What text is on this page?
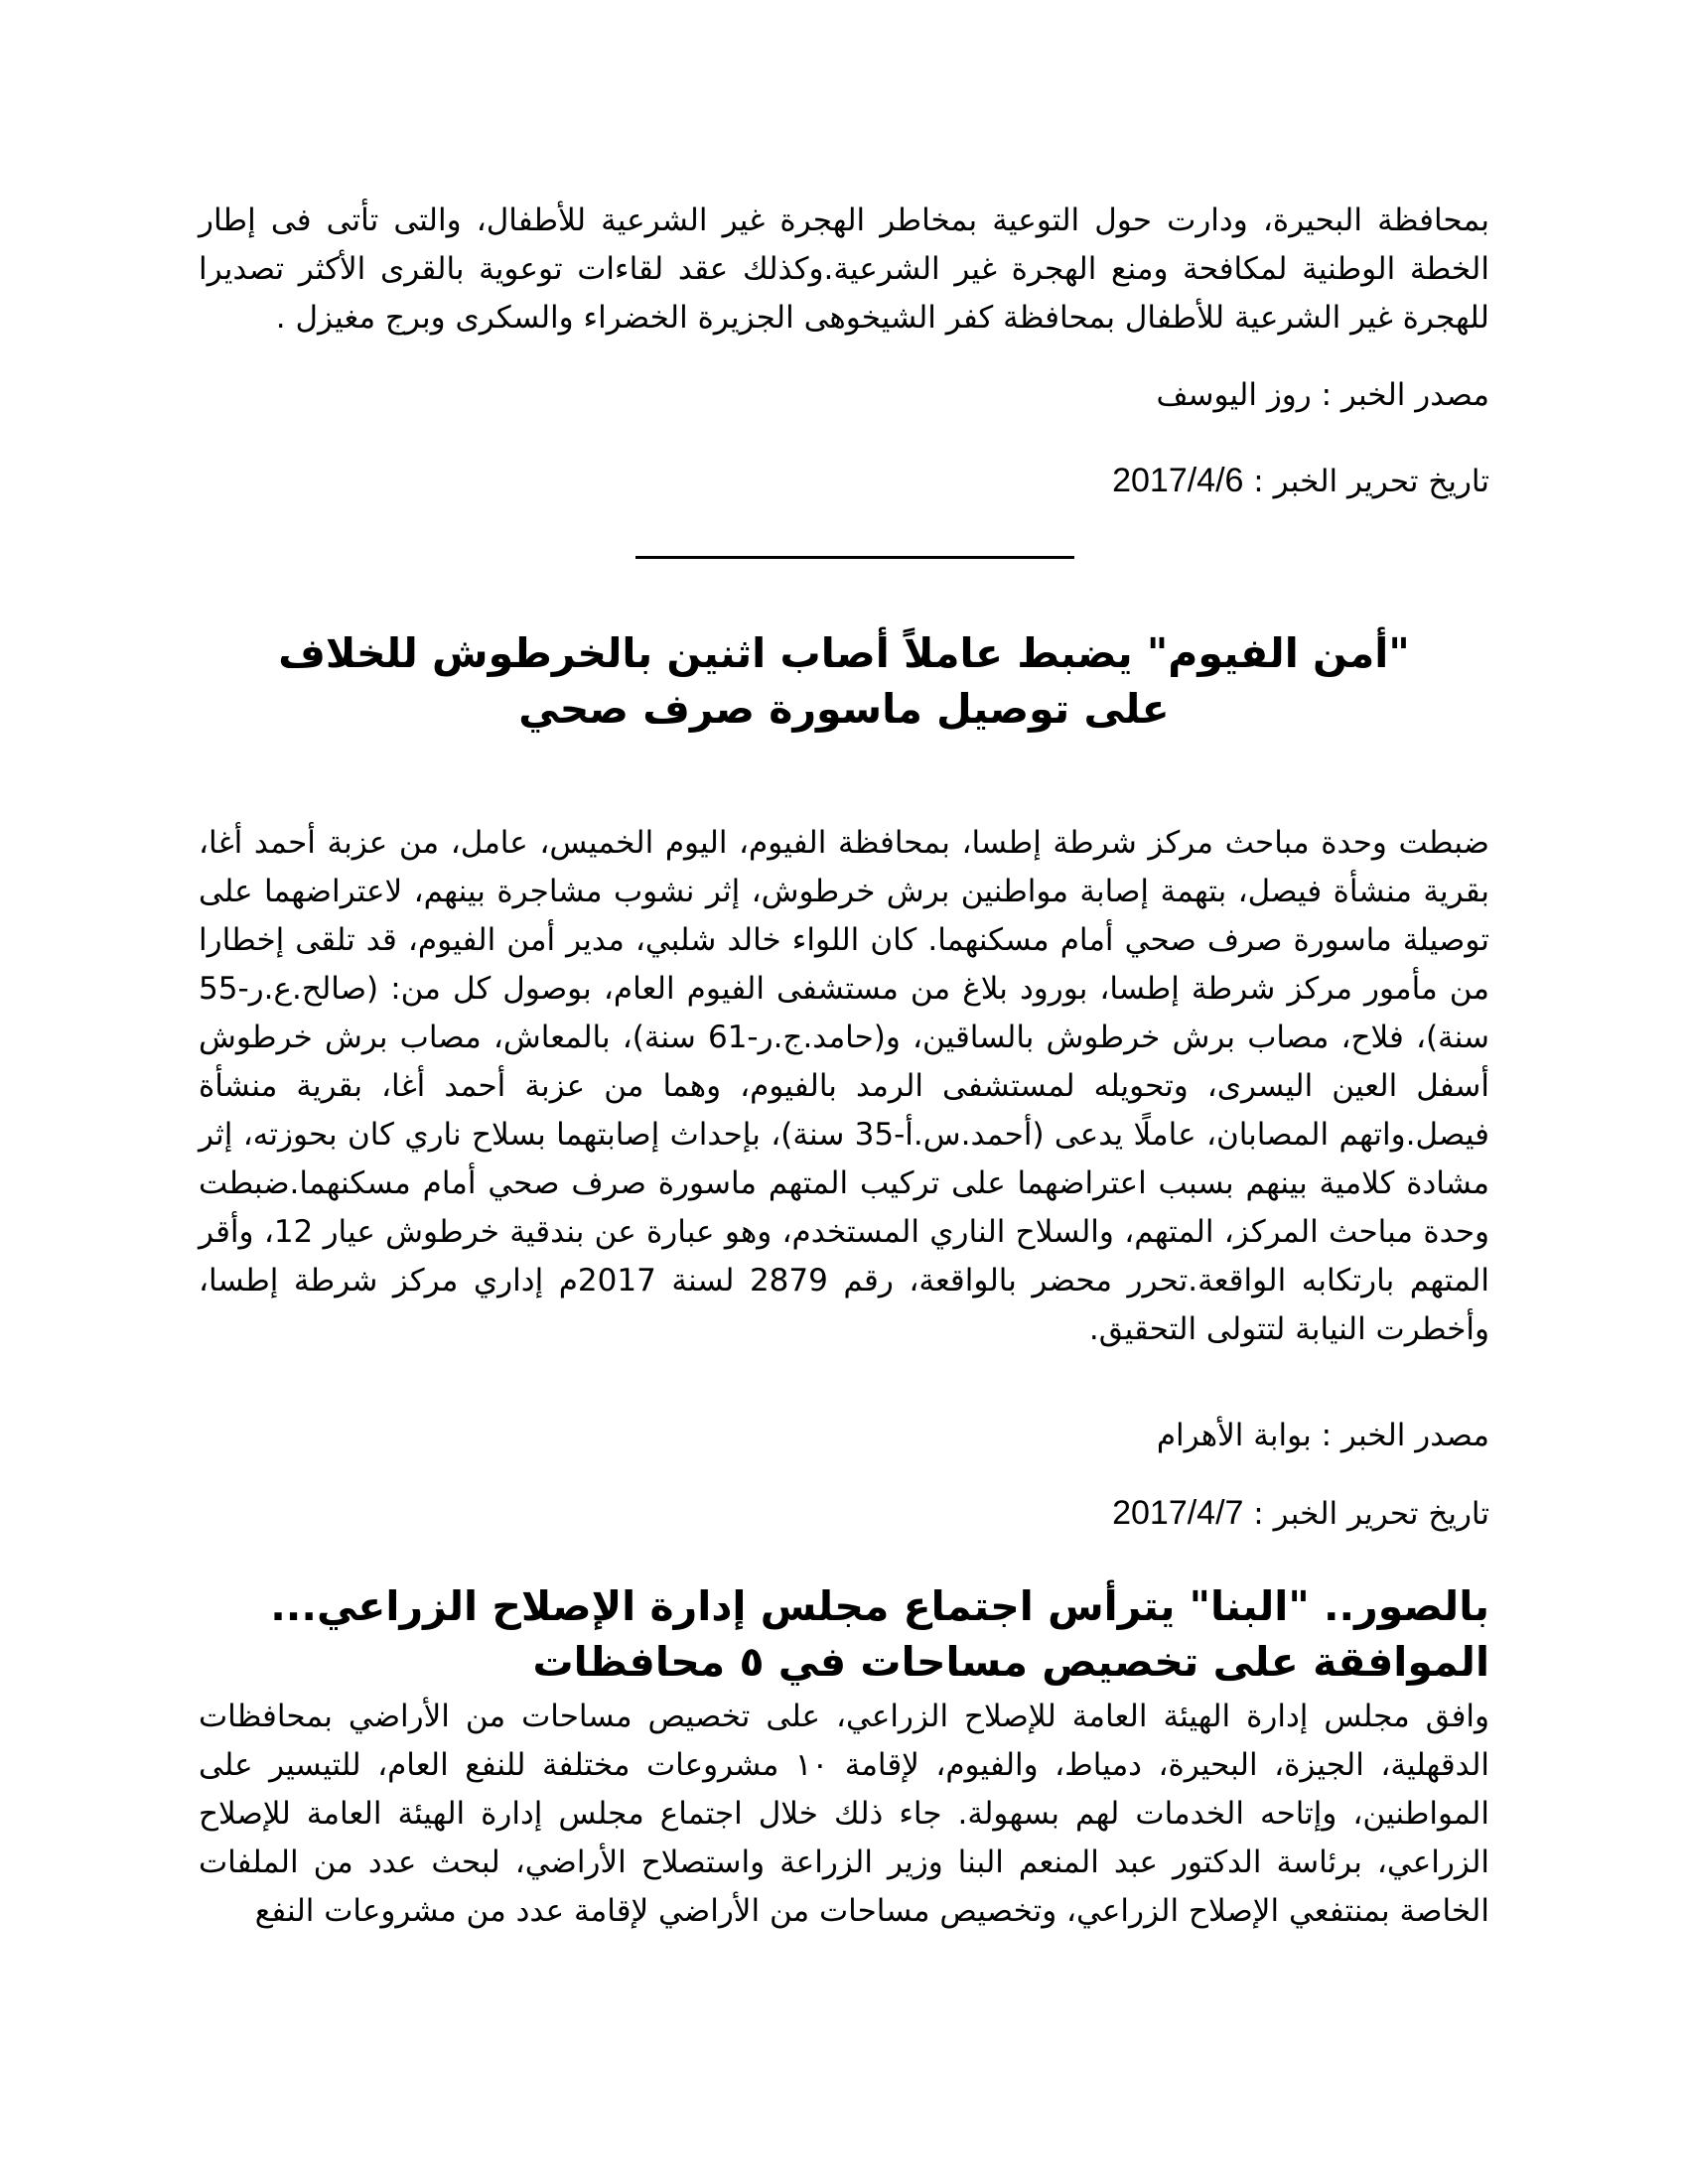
بمحافظة البحيرة، ودارت حول التوعية بمخاطر الهجرة غير الشرعية للأطفال، والتى تأتى فى إطار الخطة الوطنية لمكافحة ومنع الهجرة غير الشرعية.وكذلك عقد لقاءات توعوية بالقرى الأكثر تصديرا للهجرة غير الشرعية للأطفال بمحافظة كفر الشيخوهى الجزيرة الخضراء والسكرى وبرج مغيزل .

مصدر الخبر : روز اليوسف

تاريخ تحرير الخبر : 2017/4/6

"أمن الفيوم" يضبط عاملاً أصاب اثنين بالخرطوش للخلاف على توصيل ماسورة صرف صحي

ضبطت وحدة مباحث مركز شرطة إطسا، بمحافظة الفيوم، اليوم الخميس، عامل، من عزبة أحمد أغا، بقرية منشأة فيصل، بتهمة إصابة مواطنين برش خرطوش، إثر نشوب مشاجرة بينهم، لاعتراضهما على توصيلة ماسورة صرف صحي أمام مسكنهما. كان اللواء خالد شلبي، مدير أمن الفيوم، قد تلقى إخطارا من مأمور مركز شرطة إطسا، بورود بلاغ من مستشفى الفيوم العام، بوصول كل من: (صالح.ع.ر-55 سنة)، فلاح، مصاب برش خرطوش بالساقين، و(حامد.ج.ر-61 سنة)، بالمعاش، مصاب برش خرطوش أسفل العين اليسرى، وتحويله لمستشفى الرمد بالفيوم، وهما من عزبة أحمد أغا، بقرية منشأة فيصل.واتهم المصابان، عاملًا يدعى (أحمد.س.أ-35 سنة)، بإحداث إصابتهما بسلاح ناري كان بحوزته، إثر مشادة كلامية بينهم بسبب اعتراضهما على تركيب المتهم ماسورة صرف صحي أمام مسكنهما.ضبطت وحدة مباحث المركز، المتهم، والسلاح الناري المستخدم، وهو عبارة عن بندقية خرطوش عيار 12، وأقر المتهم بارتكابه الواقعة.تحرر محضر بالواقعة، رقم 2879 لسنة 2017م إداري مركز شرطة إطسا، وأخطرت النيابة لتتولى التحقيق.

مصدر الخبر : بوابة الأهرام

تاريخ تحرير الخبر : 2017/4/7

بالصور.. "البنا" يترأس اجتماع مجلس إدارة الإصلاح الزراعي... الموافقة على تخصيص مساحات في ٥ محافظات

وافق مجلس إدارة الهيئة العامة للإصلاح الزراعي، على تخصيص مساحات من الأراضي بمحافظات الدقهلية، الجيزة، البحيرة، دمياط، والفيوم، لإقامة ١٠ مشروعات مختلفة للنفع العام، للتيسير على المواطنين، وإتاحه الخدمات لهم بسهولة. جاء ذلك خلال اجتماع مجلس إدارة الهيئة العامة للإصلاح الزراعي، برئاسة الدكتور عبد المنعم البنا وزير الزراعة واستصلاح الأراضي، لبحث عدد من الملفات الخاصة بمنتفعي الإصلاح الزراعي، وتخصيص مساحات من الأراضي لإقامة عدد من مشروعات النفع
